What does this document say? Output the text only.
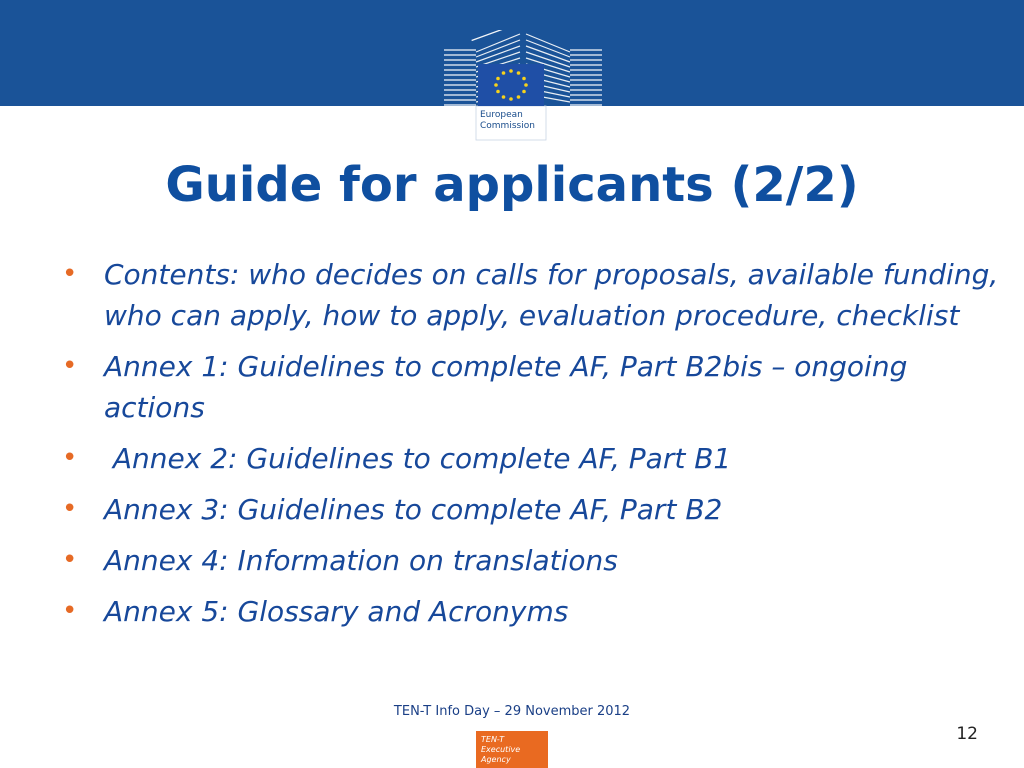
European
Commission
Guide for applicants (2/2)
• Contents: who decides on calls for proposals, available funding, who can apply, how to apply, evaluation procedure, checklist
• Annex 1: Guidelines to complete AF, Part B2bis – ongoing actions
• Annex 2: Guidelines to complete AF, Part B1
• Annex 3: Guidelines to complete AF, Part B2
• Annex 4: Information on translations
• Annex 5: Glossary and Acronyms
TEN-T Info Day – 29 November 2012
12
TEN-T
Executive Agency
